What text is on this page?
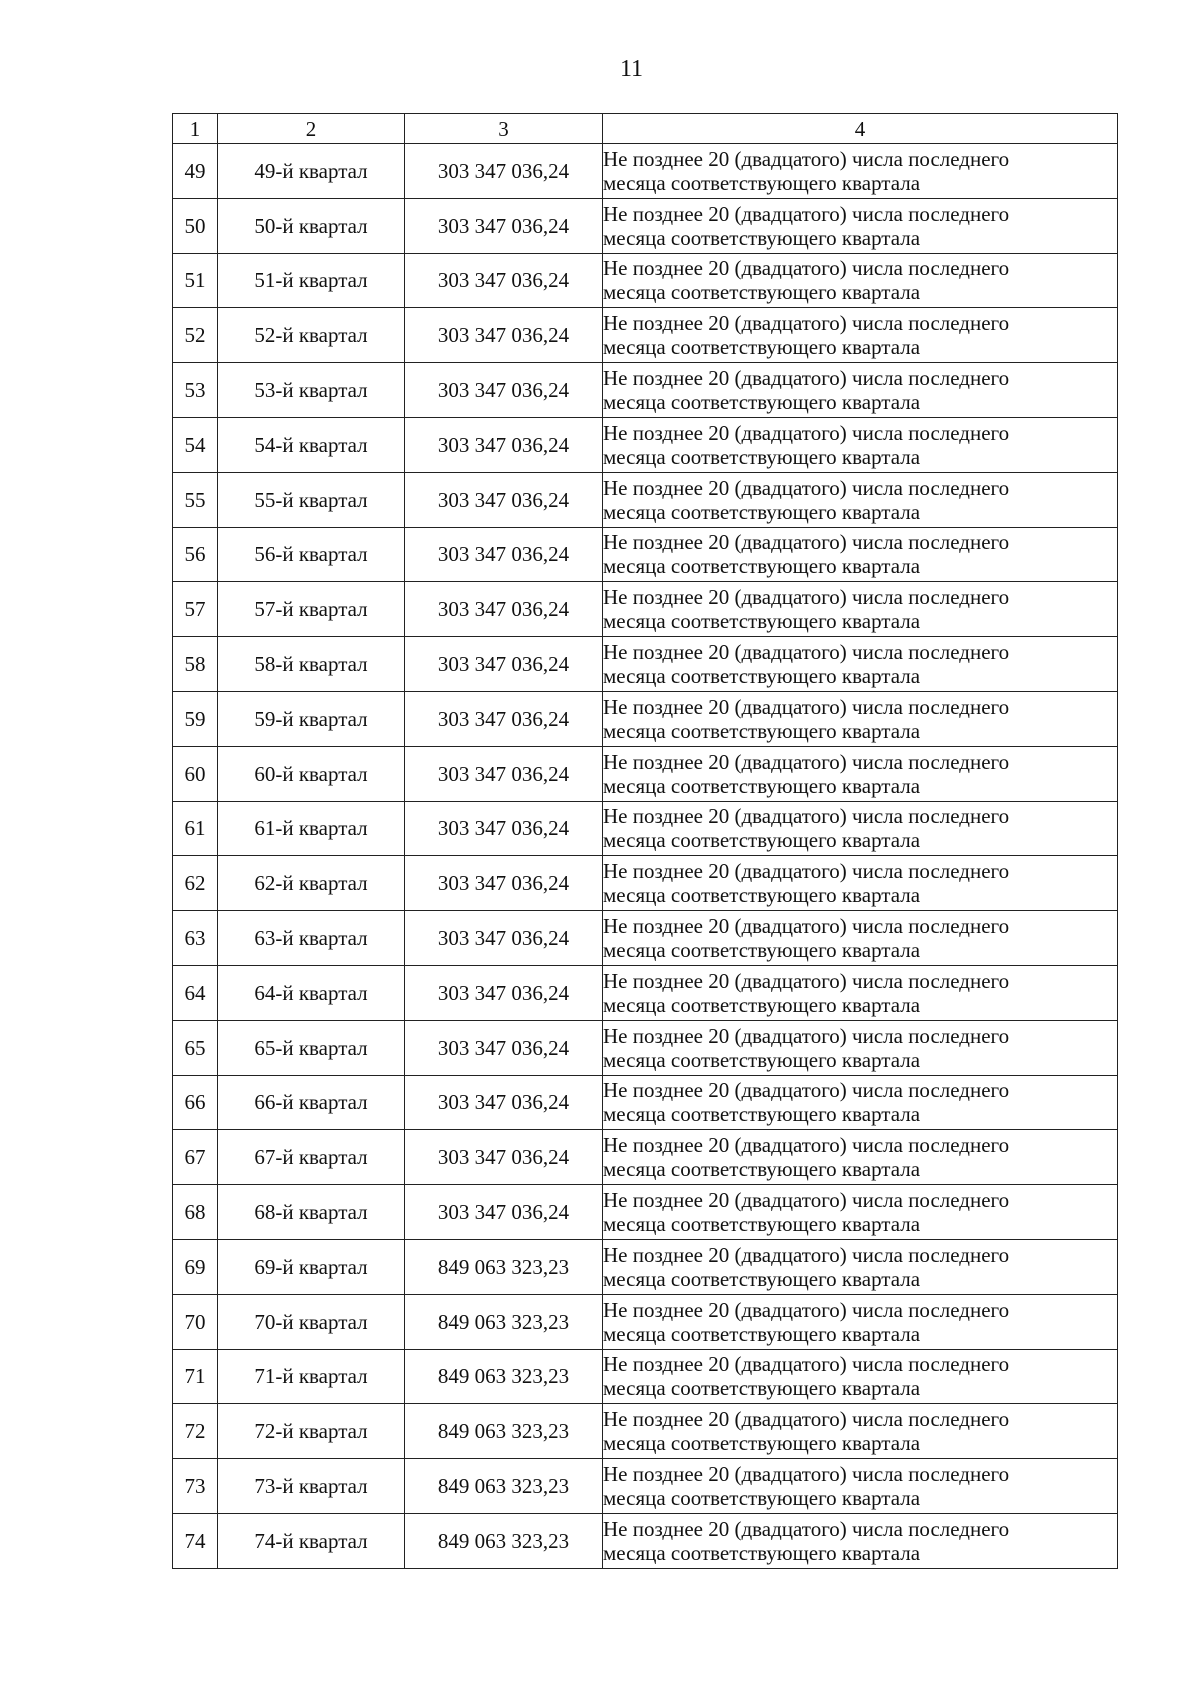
11
1	2	3	4
49	49-й квартал	303 347 036,24	Не позднее 20 (двадцатого) числа последнего
месяца соответствующего квартала

50	50-й квартал	303 347 036,24	Не позднее 20 (двадцатого) числа последнего
месяца соответствующего квартала

51	51-й квартал	303 347 036,24	Не позднее 20 (двадцатого) числа последнего
месяца соответствующего квартала

52	52-й квартал	303 347 036,24	Не позднее 20 (двадцатого) числа последнего
месяца соответствующего квартала

53	53-й квартал	303 347 036,24	Не позднее 20 (двадцатого) числа последнего
месяца соответствующего квартала

54	54-й квартал	303 347 036,24	Не позднее 20 (двадцатого) числа последнего
месяца соответствующего квартала

55	55-й квартал	303 347 036,24	Не позднее 20 (двадцатого) числа последнего
месяца соответствующего квартала

56	56-й квартал	303 347 036,24	Не позднее 20 (двадцатого) числа последнего
месяца соответствующего квартала

57	57-й квартал	303 347 036,24	Не позднее 20 (двадцатого) числа последнего
месяца соответствующего квартала

58	58-й квартал	303 347 036,24	Не позднее 20 (двадцатого) числа последнего
месяца соответствующего квартала

59	59-й квартал	303 347 036,24	Не позднее 20 (двадцатого) числа последнего
месяца соответствующего квартала

60	60-й квартал	303 347 036,24	Не позднее 20 (двадцатого) числа последнего
месяца соответствующего квартала

61	61-й квартал	303 347 036,24	Не позднее 20 (двадцатого) числа последнего
месяца соответствующего квартала

62	62-й квартал	303 347 036,24	Не позднее 20 (двадцатого) числа последнего
месяца соответствующего квартала

63	63-й квартал	303 347 036,24	Не позднее 20 (двадцатого) числа последнего
месяца соответствующего квартала

64	64-й квартал	303 347 036,24	Не позднее 20 (двадцатого) числа последнего
месяца соответствующего квартала

65	65-й квартал	303 347 036,24	Не позднее 20 (двадцатого) числа последнего
месяца соответствующего квартала

66	66-й квартал	303 347 036,24	Не позднее 20 (двадцатого) числа последнего
месяца соответствующего квартала

67	67-й квартал	303 347 036,24	Не позднее 20 (двадцатого) числа последнего
месяца соответствующего квартала

68	68-й квартал	303 347 036,24	Не позднее 20 (двадцатого) числа последнего
месяца соответствующего квартала

69	69-й квартал	849 063 323,23	Не позднее 20 (двадцатого) числа последнего
месяца соответствующего квартала

70	70-й квартал	849 063 323,23	Не позднее 20 (двадцатого) числа последнего
месяца соответствующего квартала

71	71-й квартал	849 063 323,23	Не позднее 20 (двадцатого) числа последнего
месяца соответствующего квартала

72	72-й квартал	849 063 323,23	Не позднее 20 (двадцатого) числа последнего
месяца соответствующего квартала

73	73-й квартал	849 063 323,23	Не позднее 20 (двадцатого) числа последнего
месяца соответствующего квартала

74	74-й квартал	849 063 323,23	Не позднее 20 (двадцатого) числа последнего
месяца соответствующего квартала
